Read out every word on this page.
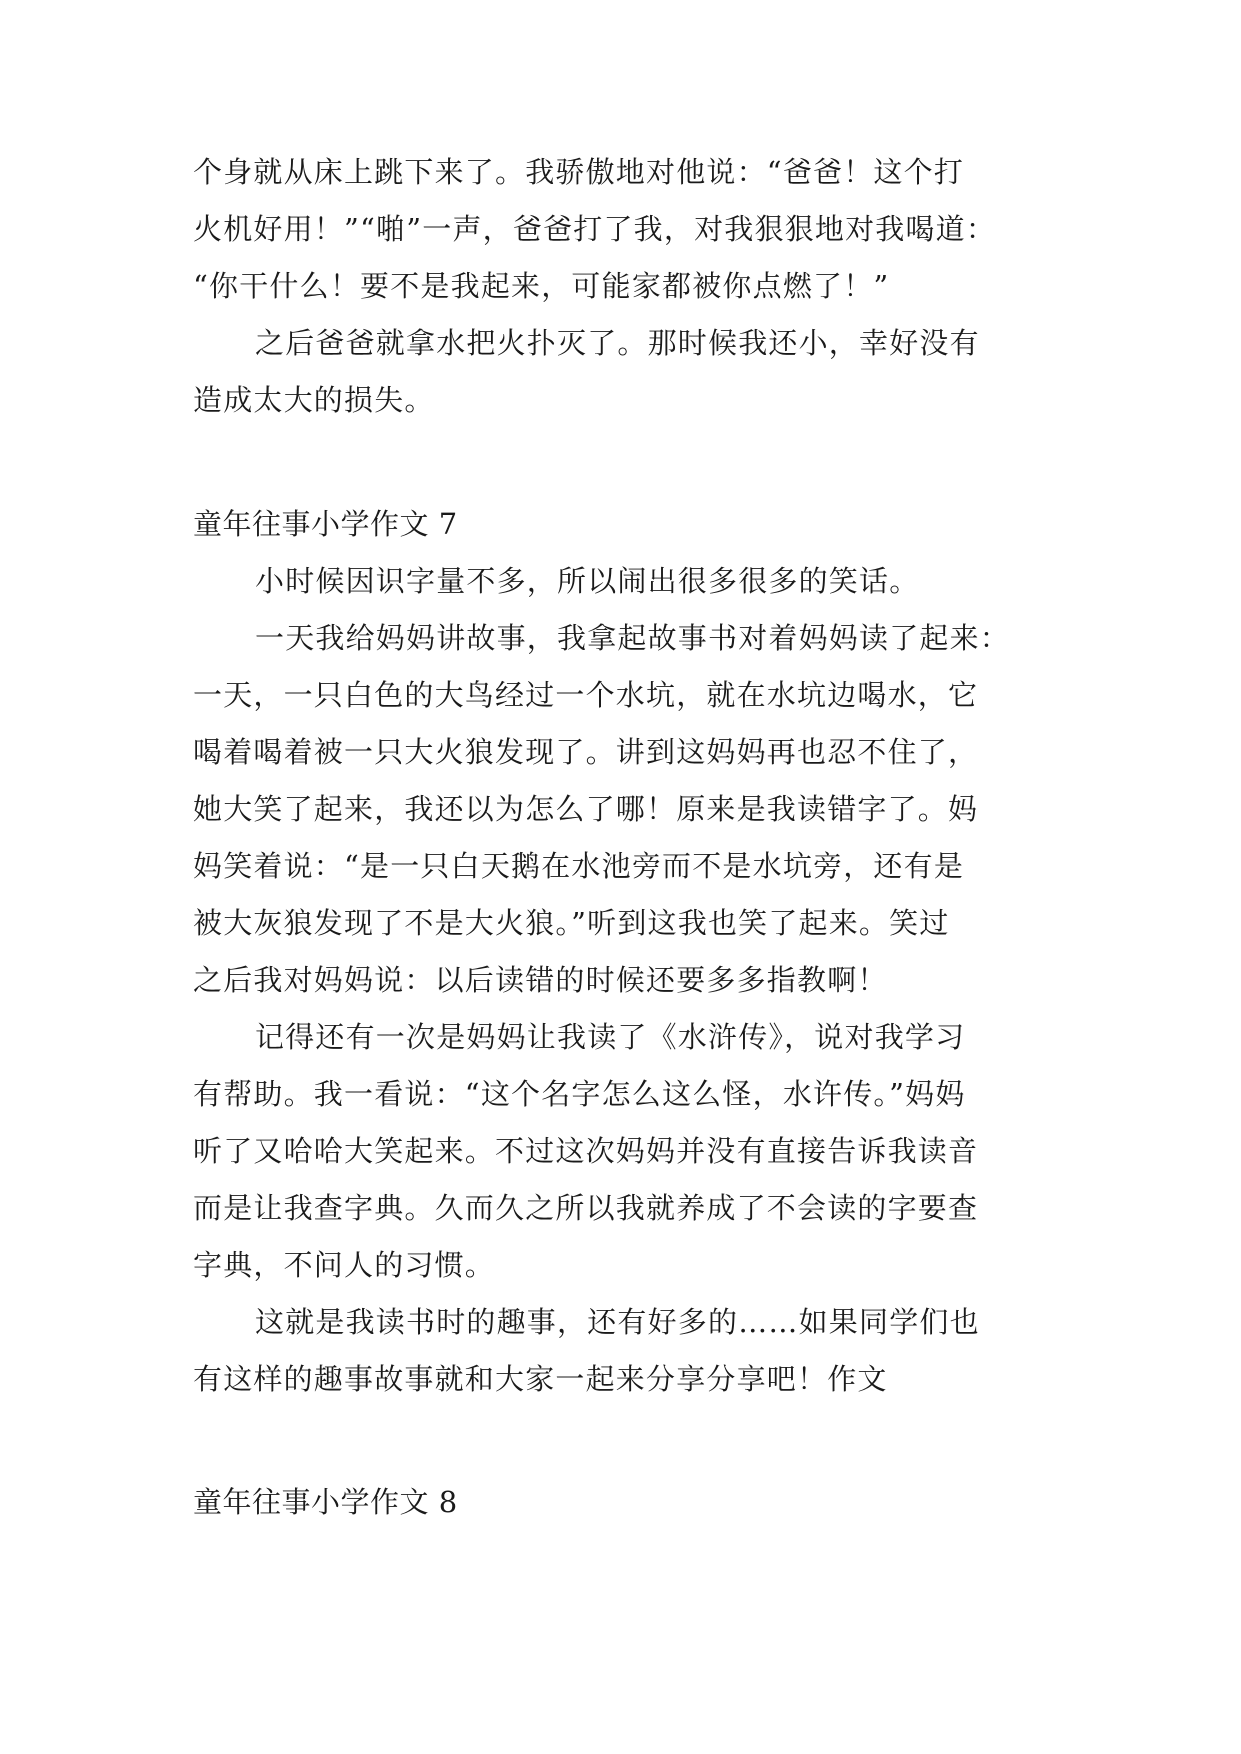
个身就从床上跳下来了。我骄傲地对他说：“爸爸！这个打
火机好用！”“啪”一声，爸爸打了我，对我狠狠地对我喝道：
“你干什么！要不是我起来，可能家都被你点燃了！”
之后爸爸就拿水把火扑灭了。那时候我还小，幸好没有
造成太大的损失。
童年往事小学作文 7
小时候因识字量不多，所以闹出很多很多的笑话。
一天我给妈妈讲故事，我拿起故事书对着妈妈读了起来：
一天，一只白色的大鸟经过一个水坑，就在水坑边喝水，它
喝着喝着被一只大火狼发现了。讲到这妈妈再也忍不住了，
她大笑了起来，我还以为怎么了哪！原来是我读错字了。妈
妈笑着说：“是一只白天鹅在水池旁而不是水坑旁，还有是
被大灰狼发现了不是大火狼。”听到这我也笑了起来。笑过
之后我对妈妈说：以后读错的时候还要多多指教啊！
记得还有一次是妈妈让我读了《水浒传》，说对我学习
有帮助。我一看说：“这个名字怎么这么怪，水许传。”妈妈
听了又哈哈大笑起来。不过这次妈妈并没有直接告诉我读音
而是让我查字典。久而久之所以我就养成了不会读的字要查
字典，不问人的习惯。
这就是我读书时的趣事，还有好多的……如果同学们也
有这样的趣事故事就和大家一起来分享分享吧！作文
童年往事小学作文 8
